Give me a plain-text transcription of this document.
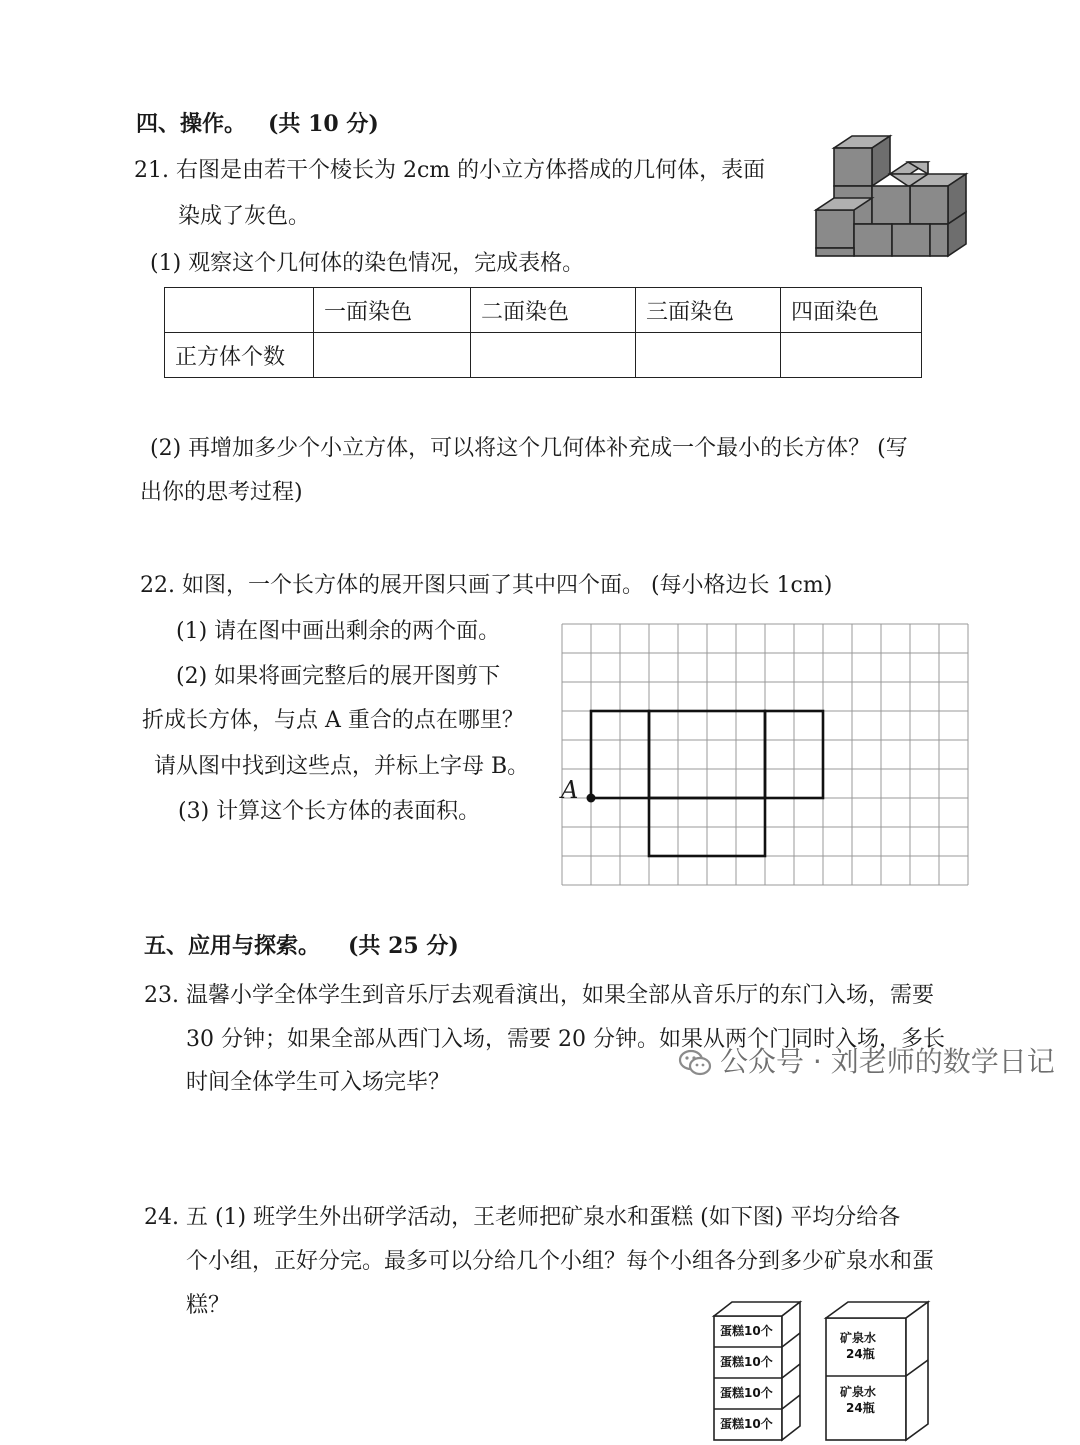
四、操作。 (共 10 分)
21. 右图是由若干个棱长为 2cm 的小立方体搭成的几何体，表面
染成了灰色。
(1) 观察这个几何体的染色情况，完成表格。
	一面染色	二面染色	三面染色	四面染色
正方体个数				
(2) 再增加多少个小立方体，可以将这个几何体补充成一个最小的长方体？ (写
出你的思考过程)
22. 如图，一个长方体的展开图只画了其中四个面。 (每小格边长 1cm)
(1) 请在图中画出剩余的两个面。
(2) 如果将画完整后的展开图剪下
折成长方体，与点 A 重合的点在哪里？
请从图中找到这些点，并标上字母 B。
(3) 计算这个长方体的表面积。
A
五、应用与探索。 (共 25 分)
23. 温馨小学全体学生到音乐厅去观看演出，如果全部从音乐厅的东门入场，需要
30 分钟；如果全部从西门入场，需要 20 分钟。如果从两个门同时入场，多长
时间全体学生可入场完毕？
24. 五 (1) 班学生外出研学活动，王老师把矿泉水和蛋糕 (如下图) 平均分给各
个小组，正好分完。最多可以分给几个小组？每个小组各分到多少矿泉水和蛋
糕？
蛋糕10个
蛋糕10个
蛋糕10个
蛋糕10个
矿泉水
24瓶
矿泉水
24瓶
公众号 · 刘老师的数学日记
